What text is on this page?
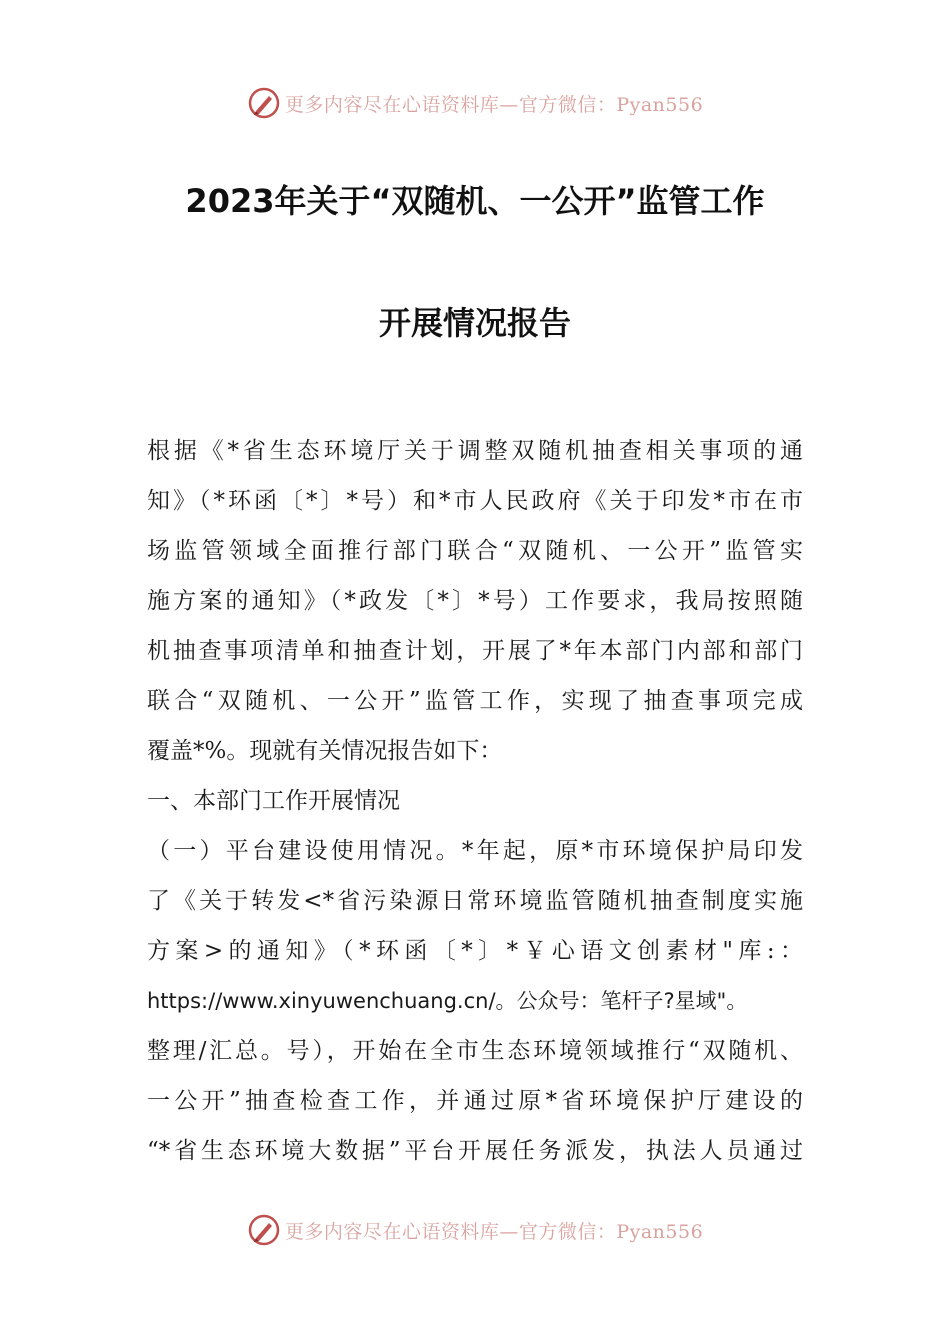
更多内容尽在心语资料库—官方微信：Pyan556
2023年关于“双随机、一公开”监管工作
开展情况报告
根据《*省生态环境厅关于调整双随机抽查相关事项的通
知》（*环函〔*〕*号）和*市人民政府《关于印发*市在市
场监管领域全面推行部门联合“双随机、一公开”监管实
施方案的通知》（*政发〔*〕*号）工作要求，我局按照随
机抽查事项清单和抽查计划，开展了*年本部门内部和部门
联合“双随机、一公开”监管工作，实现了抽查事项完成
覆盖*%。现就有关情况报告如下：
一、本部门工作开展情况
（一）平台建设使用情况。*年起，原*市环境保护局印发
了《关于转发<*省污染源日常环境监管随机抽查制度实施
方案>的通知》（*环函〔*〕*￥心语文创素材"库:：
https://www.xinyuwenchuang.cn/。公众号：笔杆子?星域"。
整理/汇总。号），开始在全市生态环境领域推行“双随机、
一公开”抽查检查工作，并通过原*省环境保护厅建设的
“*省生态环境大数据”平台开展任务派发，执法人员通过
更多内容尽在心语资料库—官方微信：Pyan556
